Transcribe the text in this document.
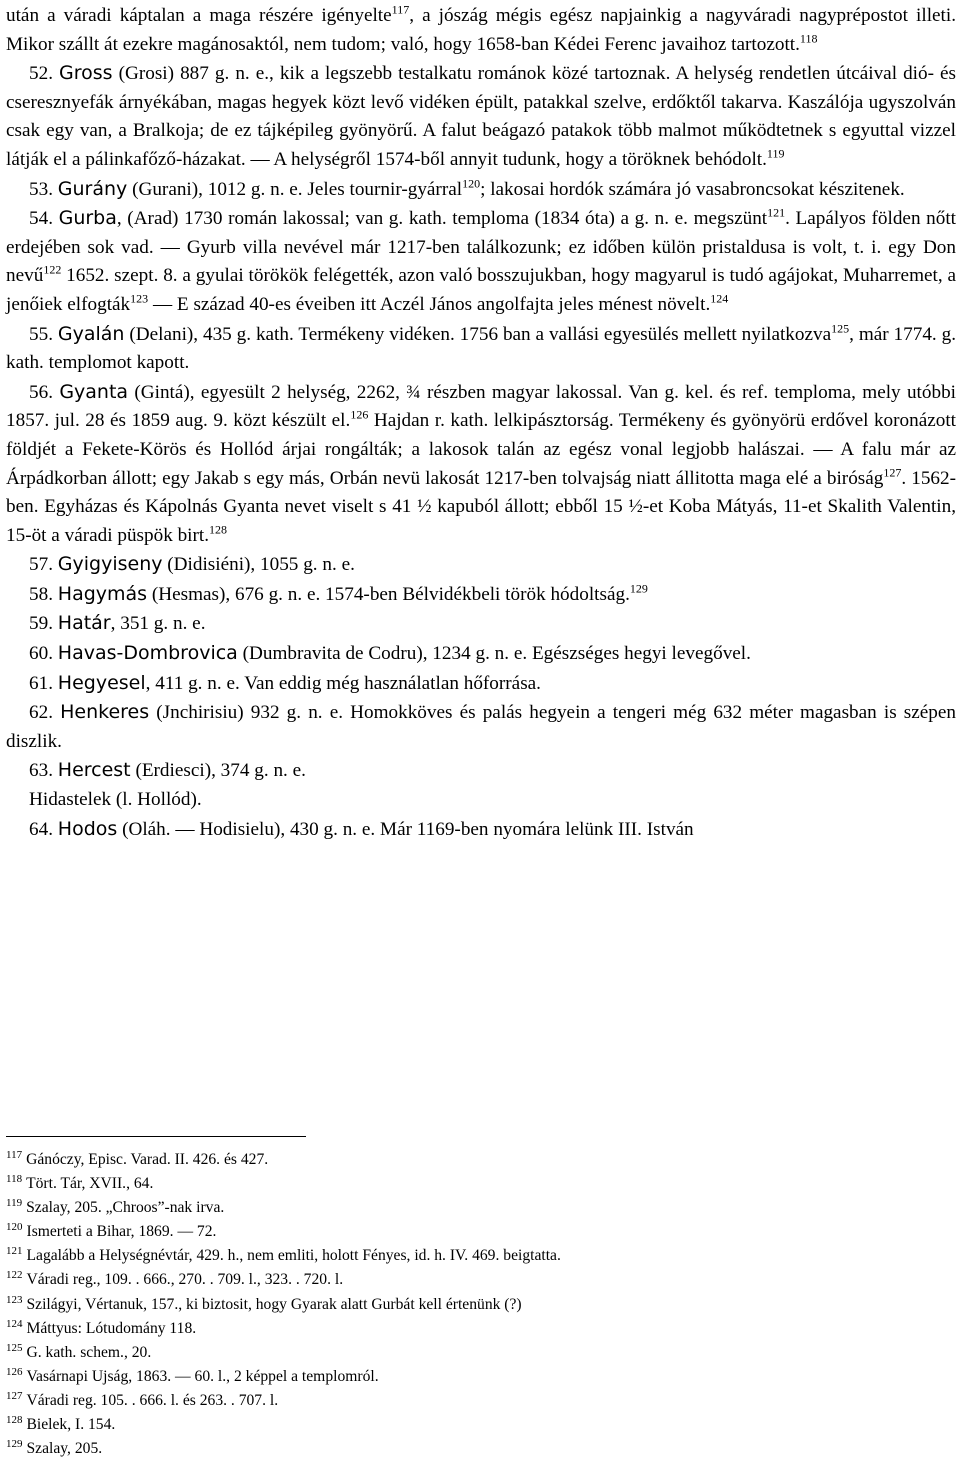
után a váradi káptalan a maga részére igényelte$^{117}$, a jószág mégis egész napjainkig a nagyváradi nagyprépostot illeti. Mikor szállt át ezekre magánosaktól, nem tudom; való, hogy 1658-ban Kédei Ferenc javaihoz tartozott.$^{118}$

52. Gross (Grosi) 887 g. n. e., kik a legszebb testalkatu románok közé tartoznak. A helység rendetlen útcáival dió- és cseresznyefák árnyékában, magas hegyek közt levő vidéken épült, patakkal szelve, erdőktől takarva. Kaszálója ugyszolván csak egy van, a Bralkoja; de ez tájképileg gyönyörű. A falut beágazó patakok több malmot működtetnek s egyuttal vizzel látják el a pálinkafőző-házakat. — A helységről 1574-ből annyit tudunk, hogy a töröknek behódolt.$^{119}$

53. Gurány (Gurani), 1012 g. n. e. Jeles tournir-gyárral$^{120}$; lakosai hordók számára jó vasabroncsokat készitenek.

54. Gurba, (Arad) 1730 román lakossal; van g. kath. temploma (1834 óta) a g. n. e. megszünt$^{121}$. Lapályos földen nőtt erdejében sok vad. — Gyurb villa nevével már 1217-ben találkozunk; ez időben külön pristaldusa is volt, t. i. egy Don nevű$^{122}$ 1652. szept. 8. a gyulai törökök felégették, azon való bosszujukban, hogy magyarul is tudó agájokat, Muharremet, a jenőiek elfogták$^{123}$ — E század 40-es éveiben itt Aczél János angolfajta jeles ménest növelt.$^{124}$

55. Gyalán (Delani), 435 g. kath. Termékeny vidéken. 1756 ban a vallási egyesülés mellett nyilatkozva$^{125}$, már 1774. g. kath. templomot kapott.

56. Gyanta (Gintá), egyesült 2 helység, 2262, ¾ részben magyar lakossal. Van g. kel. és ref. temploma, mely utóbbi 1857. jul. 28 és 1859 aug. 9. közt készült el.$^{126}$ Hajdan r. kath. lelkipásztorság. Termékeny és gyönyörü erdővel koronázott földjét a Fekete-Körös és Hollód árjai rongálták; a lakosok talán az egész vonal legjobb halászai. — A falu már az Árpádkorban állott; egy Jakab s egy más, Orbán nevü lakosát 1217-ben tolvajság niatt állitotta maga elé a biróság$^{127}$. 1562-ben. Egyházas és Kápolnás Gyanta nevet viselt s 41 ½ kapuból állott; ebből 15 ½-et Koba Mátyás, 11-et Skalith Valentin, 15-öt a váradi püspök birt.$^{128}$

57. Gyigyiseny (Didisiéni), 1055 g. n. e.

58. Hagymás (Hesmas), 676 g. n. e. 1574-ben Bélvidékbeli török hódoltság.$^{129}$

59. Határ, 351 g. n. e.

60. Havas-Dombrovica (Dumbravita de Codru), 1234 g. n. e. Egészséges hegyi levegővel.

61. Hegyesel, 411 g. n. e. Van eddig még használatlan hőforrása.

62. Henkeres (Jnchirisiu) 932 g. n. e. Homokköves és palás hegyein a tengeri még 632 méter magasban is szépen diszlik.

63. Hercest (Erdiesci), 374 g. n. e.

Hidastelek (l. Hollód).

64. Hodos (Oláh. — Hodisielu), 430 g. n. e. Már 1169-ben nyomára lelünk III. István

$^{117}$ Gánóczy, Episc. Varad. II. 426. és 427.
$^{118}$ Tört. Tár, XVII., 64.
$^{119}$ Szalay, 205. „Chroos”-nak irva.
$^{120}$ Ismerteti a Bihar, 1869. — 72.
$^{121}$ Lagalább a Helységnévtár, 429. h., nem emliti, holott Fényes, id. h. IV. 469. beigtatta.
$^{122}$ Váradi reg., 109. . 666., 270. . 709. l., 323. . 720. l.
$^{123}$ Szilágyi, Vértanuk, 157., ki biztosit, hogy Gyarak alatt Gurbát kell értenünk (?)
$^{124}$ Máttyus: Lótudomány 118.
$^{125}$ G. kath. schem., 20.
$^{126}$ Vasárnapi Ujság, 1863. — 60. l., 2 képpel a templomról.
$^{127}$ Váradi reg. 105. . 666. l. és 263. . 707. l.
$^{128}$ Bielek, I. 154.
$^{129}$ Szalay, 205.
